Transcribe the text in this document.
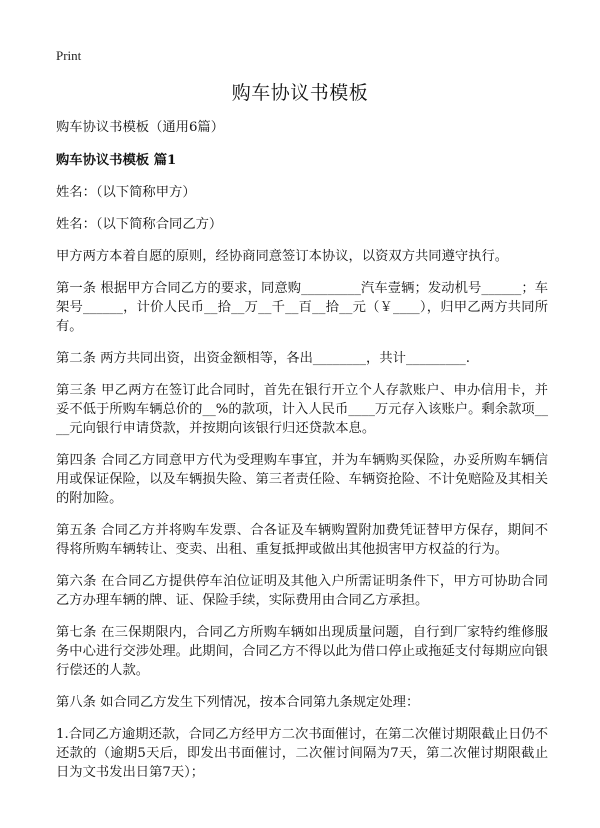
Print
购车协议书模板

购车协议书模板（通用6篇）

购车协议书模板 篇1

姓名：（以下简称甲方）

姓名：（以下简称合同乙方）

甲方两方本着自愿的原则，经协商同意签订本协议，以资双方共同遵守执行。

第一条 根据甲方合同乙方的要求，同意购_________汽车壹辆；发动机号______；车架号______，计价人民币__拾__万__千__百__拾__元（￥____），归甲乙两方共同所有。

第二条 两方共同出资，出资金额相等，各出________，共计_________.

第三条 甲乙两方在签订此合同时，首先在银行开立个人存款账户、申办信用卡，并妥不低于所购车辆总价的__%的款项，计入人民币____万元存入该账户。剩余款项____元向银行申请贷款，并按期向该银行归还贷款本息。

第四条 合同乙方同意甲方代为受理购车事宜，并为车辆购买保险，办妥所购车辆信用或保证保险，以及车辆损失险、第三者责任险、车辆资抢险、不计免赔险及其相关的附加险。

第五条 合同乙方并将购车发票、合各证及车辆购置附加费凭证替甲方保存，期间不得将所购车辆转让、变卖、出租、重复抵押或做出其他损害甲方权益的行为。

第六条 在合同乙方提供停车泊位证明及其他入户所需证明条件下，甲方可协助合同乙方办理车辆的牌、证、保险手续，实际费用由合同乙方承担。

第七条 在三保期限内，合同乙方所购车辆如出现质量问题，自行到厂家特约维修服务中心进行交涉处理。此期间，合同乙方不得以此为借口停止或拖延支付每期应向银行偿还的人款。

第八条 如合同乙方发生下列情况，按本合同第九条规定处理：

1.合同乙方逾期还款，合同乙方经甲方二次书面催讨，在第二次催讨期限截止日仍不还款的（逾期5天后，即发出书面催讨，二次催讨间隔为7天，第二次催讨期限截止日为文书发出日第7天）；
